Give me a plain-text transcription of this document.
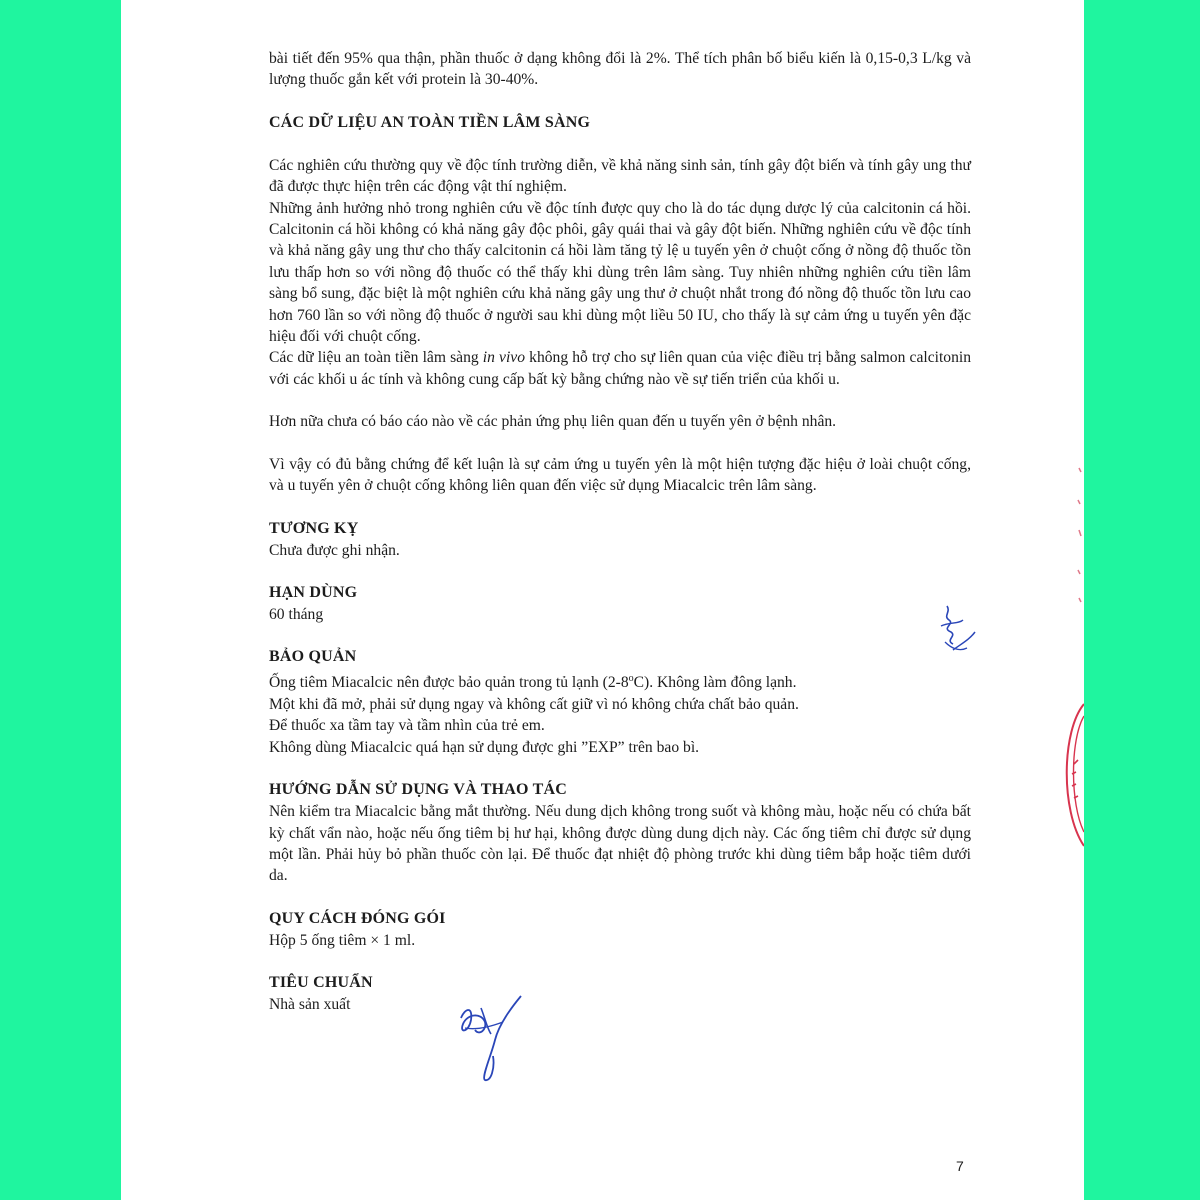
bài tiết đến 95% qua thận, phần thuốc ở dạng không đổi là 2%. Thể tích phân bố biểu kiến là 0,15-0,3 L/kg và lượng thuốc gắn kết với protein là 30-40%.

CÁC DỮ LIỆU AN TOÀN TIỀN LÂM SÀNG

Các nghiên cứu thường quy về độc tính trường diễn, về khả năng sinh sản, tính gây đột biến và tính gây ung thư đã được thực hiện trên các động vật thí nghiệm.

Những ảnh hưởng nhỏ trong nghiên cứu về độc tính được quy cho là do tác dụng dược lý của calcitonin cá hồi. Calcitonin cá hồi không có khả năng gây độc phôi, gây quái thai và gây đột biến. Những nghiên cứu về độc tính và khả năng gây ung thư cho thấy calcitonin cá hồi làm tăng tỷ lệ u tuyến yên ở chuột cống ở nồng độ thuốc tồn lưu thấp hơn so với nồng độ thuốc có thể thấy khi dùng trên lâm sàng. Tuy nhiên những nghiên cứu tiền lâm sàng bổ sung, đặc biệt là một nghiên cứu khả năng gây ung thư ở chuột nhắt trong đó nồng độ thuốc tồn lưu cao hơn 760 lần so với nồng độ thuốc ở người sau khi dùng một liều 50 IU, cho thấy là sự cảm ứng u tuyến yên đặc hiệu đối với chuột cống.

Các dữ liệu an toàn tiền lâm sàng in vivo không hỗ trợ cho sự liên quan của việc điều trị bằng salmon calcitonin với các khối u ác tính và không cung cấp bất kỳ bằng chứng nào về sự tiến triển của khối u.

Hơn nữa chưa có báo cáo nào về các phản ứng phụ liên quan đến u tuyến yên ở bệnh nhân.

Vì vậy có đủ bằng chứng để kết luận là sự cảm ứng u tuyến yên là một hiện tượng đặc hiệu ở loài chuột cống, và u tuyến yên ở chuột cống không liên quan đến việc sử dụng Miacalcic trên lâm sàng.

TƯƠNG KỴ

Chưa được ghi nhận.

HẠN DÙNG

60 tháng

BẢO QUẢN

Ống tiêm Miacalcic nên được bảo quản trong tủ lạnh (2-8$^o$C). Không làm đông lạnh.

Một khi đã mở, phải sử dụng ngay và không cất giữ vì nó không chứa chất bảo quản.

Để thuốc xa tầm tay và tầm nhìn của trẻ em.

Không dùng Miacalcic quá hạn sử dụng được ghi ”EXP” trên bao bì.

HƯỚNG DẪN SỬ DỤNG VÀ THAO TÁC

Nên kiểm tra Miacalcic bằng mắt thường. Nếu dung dịch không trong suốt và không màu, hoặc nếu có chứa bất kỳ chất vẩn nào, hoặc nếu ống tiêm bị hư hại, không được dùng dung dịch này. Các ống tiêm chỉ được sử dụng một lần. Phải hủy bỏ phần thuốc còn lại. Để thuốc đạt nhiệt độ phòng trước khi dùng tiêm bắp hoặc tiêm dưới da.

QUY CÁCH ĐÓNG GÓI

Hộp 5 ống tiêm × 1 ml.

TIÊU CHUẨN

Nhà sản xuất

7
